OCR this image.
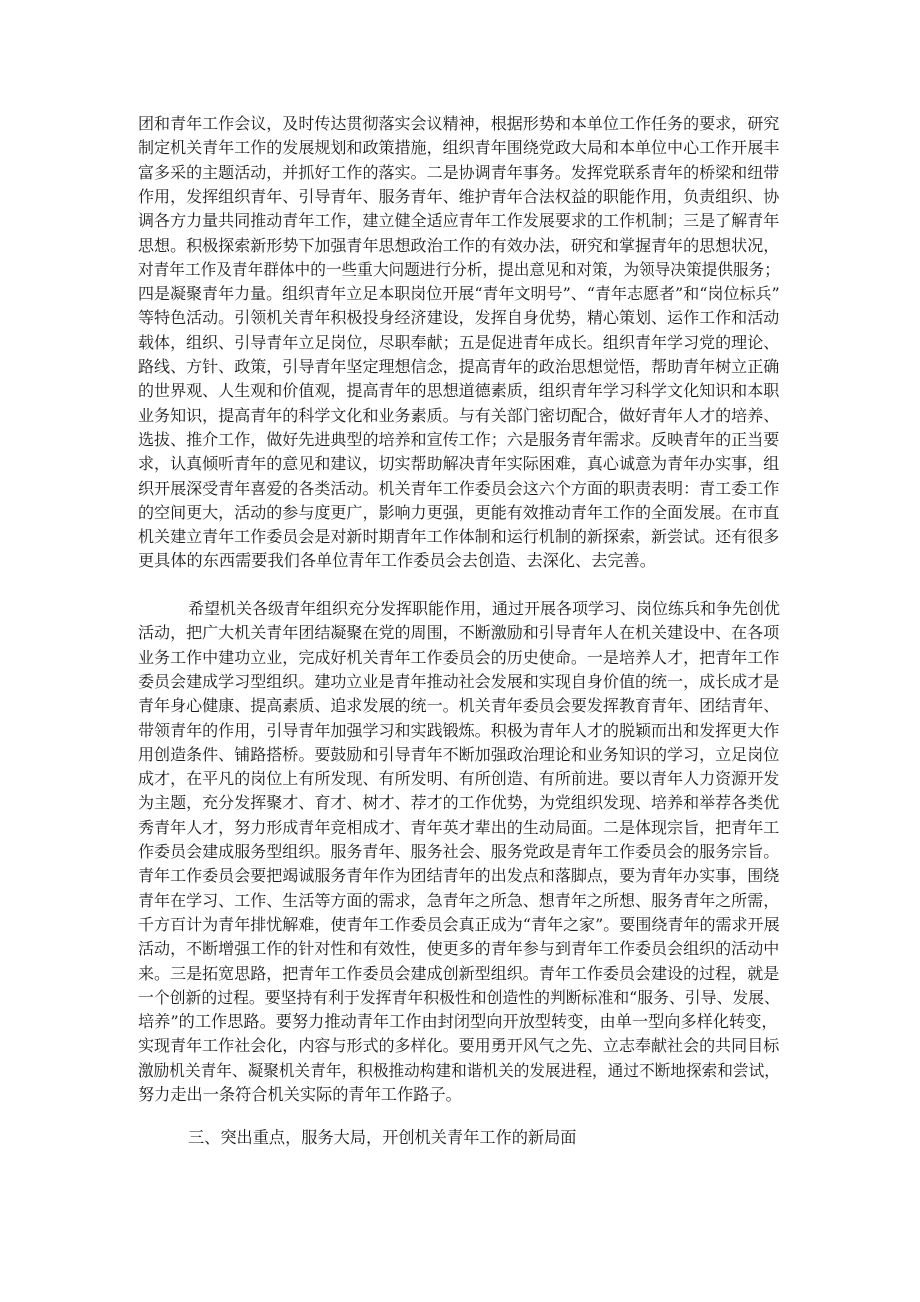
团和青年工作会议，及时传达贯彻落实会议精神，根据形势和本单位工作任务的要求，研究
制定机关青年工作的发展规划和政策措施，组织青年围绕党政大局和本单位中心工作开展丰
富多采的主题活动，并抓好工作的落实。二是协调青年事务。发挥党联系青年的桥梁和纽带
作用，发挥组织青年、引导青年、服务青年、维护青年合法权益的职能作用，负责组织、协
调各方力量共同推动青年工作，建立健全适应青年工作发展要求的工作机制；三是了解青年
思想。积极探索新形势下加强青年思想政治工作的有效办法，研究和掌握青年的思想状况，
对青年工作及青年群体中的一些重大问题进行分析，提出意见和对策，为领导决策提供服务；
四是凝聚青年力量。组织青年立足本职岗位开展“青年文明号”、“青年志愿者”和“岗位标兵”
等特色活动。引领机关青年积极投身经济建设，发挥自身优势，精心策划、运作工作和活动
载体，组织、引导青年立足岗位，尽职奉献；五是促进青年成长。组织青年学习党的理论、
路线、方针、政策，引导青年坚定理想信念，提高青年的政治思想觉悟，帮助青年树立正确
的世界观、人生观和价值观，提高青年的思想道德素质，组织青年学习科学文化知识和本职
业务知识，提高青年的科学文化和业务素质。与有关部门密切配合，做好青年人才的培养、
选拔、推介工作，做好先进典型的培养和宣传工作；六是服务青年需求。反映青年的正当要
求，认真倾听青年的意见和建议，切实帮助解决青年实际困难，真心诚意为青年办实事，组
织开展深受青年喜爱的各类活动。机关青年工作委员会这六个方面的职责表明：青工委工作
的空间更大，活动的参与度更广，影响力更强，更能有效推动青年工作的全面发展。在市直
机关建立青年工作委员会是对新时期青年工作体制和运行机制的新探索，新尝试。还有很多
更具体的东西需要我们各单位青年工作委员会去创造、去深化、去完善。
希望机关各级青年组织充分发挥职能作用，通过开展各项学习、岗位练兵和争先创优
活动，把广大机关青年团结凝聚在党的周围，不断激励和引导青年人在机关建设中、在各项
业务工作中建功立业，完成好机关青年工作委员会的历史使命。一是培养人才，把青年工作
委员会建成学习型组织。建功立业是青年推动社会发展和实现自身价值的统一，成长成才是
青年身心健康、提高素质、追求发展的统一。机关青年委员会要发挥教育青年、团结青年、
带领青年的作用，引导青年加强学习和实践锻炼。积极为青年人才的脱颖而出和发挥更大作
用创造条件、铺路搭桥。要鼓励和引导青年不断加强政治理论和业务知识的学习，立足岗位
成才，在平凡的岗位上有所发现、有所发明、有所创造、有所前进。要以青年人力资源开发
为主题，充分发挥聚才、育才、树才、荐才的工作优势，为党组织发现、培养和举荐各类优
秀青年人才，努力形成青年竞相成才、青年英才辈出的生动局面。二是体现宗旨，把青年工
作委员会建成服务型组织。服务青年、服务社会、服务党政是青年工作委员会的服务宗旨。
青年工作委员会要把竭诚服务青年作为团结青年的出发点和落脚点，要为青年办实事，围绕
青年在学习、工作、生活等方面的需求，急青年之所急、想青年之所想、服务青年之所需，
千方百计为青年排忧解难，使青年工作委员会真正成为“青年之家”。要围绕青年的需求开展
活动，不断增强工作的针对性和有效性，使更多的青年参与到青年工作委员会组织的活动中
来。三是拓宽思路，把青年工作委员会建成创新型组织。青年工作委员会建设的过程，就是
一个创新的过程。要坚持有利于发挥青年积极性和创造性的判断标准和“服务、引导、发展、
培养”的工作思路。要努力推动青年工作由封闭型向开放型转变，由单一型向多样化转变，
实现青年工作社会化，内容与形式的多样化。要用勇开风气之先、立志奉献社会的共同目标
激励机关青年、凝聚机关青年，积极推动构建和谐机关的发展进程，通过不断地探索和尝试，
努力走出一条符合机关实际的青年工作路子。
三、突出重点，服务大局，开创机关青年工作的新局面
